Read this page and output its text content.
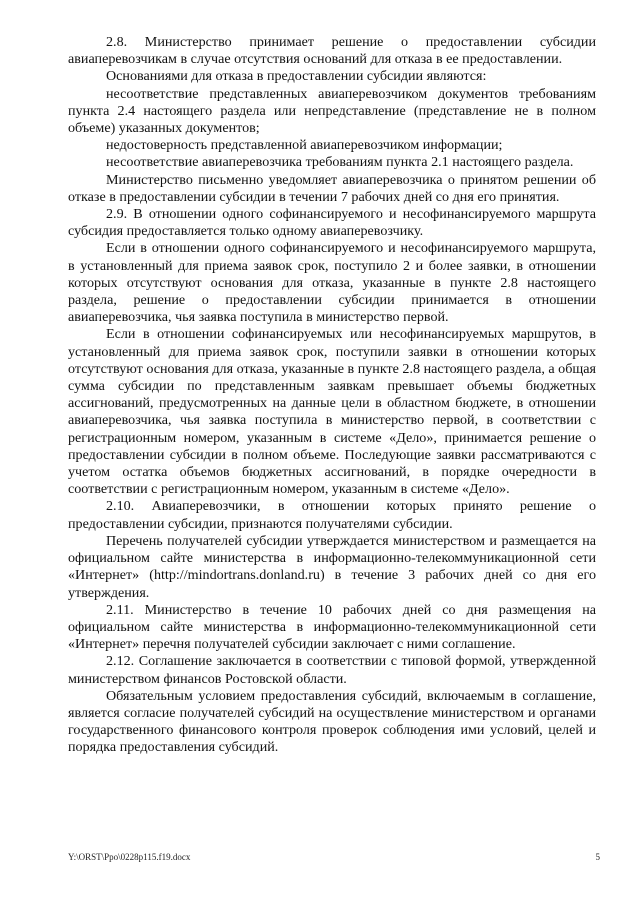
2.8. Министерство принимает решение о предоставлении субсидии авиаперевозчикам в случае отсутствия оснований для отказа в ее предоставлении.

Основаниями для отказа в предоставлении субсидии являются:

несоответствие представленных авиаперевозчиком документов требованиям пункта 2.4 настоящего раздела или непредставление (представление не в полном объеме) указанных документов;

недостоверность представленной авиаперевозчиком информации;

несоответствие авиаперевозчика требованиям пункта 2.1 настоящего раздела.

Министерство письменно уведомляет авиаперевозчика о принятом решении об отказе в предоставлении субсидии в течении 7 рабочих дней со дня его принятия.

2.9. В отношении одного софинансируемого и несофинансируемого маршрута субсидия предоставляется только одному авиаперевозчику.

Если в отношении одного софинансируемого и несофинансируемого маршрута, в установленный для приема заявок срок, поступило 2 и более заявки, в отношении которых отсутствуют основания для отказа, указанные в пункте 2.8 настоящего раздела, решение о предоставлении субсидии принимается в отношении авиаперевозчика, чья заявка поступила в министерство первой.

Если в отношении софинансируемых или несофинансируемых маршрутов, в установленный для приема заявок срок, поступили заявки в отношении которых отсутствуют основания для отказа, указанные в пункте 2.8 настоящего раздела, а общая сумма субсидии по представленным заявкам превышает объемы бюджетных ассигнований, предусмотренных на данные цели в областном бюджете, в отношении авиаперевозчика, чья заявка поступила в министерство первой, в соответствии с регистрационным номером, указанным в системе «Дело», принимается решение о предоставлении субсидии в полном объеме. Последующие заявки рассматриваются с учетом остатка объемов бюджетных ассигнований, в порядке очередности в соответствии с регистрационным номером, указанным в системе «Дело».

2.10. Авиаперевозчики, в отношении которых принято решение о предоставлении субсидии, признаются получателями субсидии.

Перечень получателей субсидии утверждается министерством и размещается на официальном сайте министерства в информационно-телекоммуникационной сети «Интернет» (http://mindortrans.donland.ru) в течение 3 рабочих дней со дня его утверждения.

2.11. Министерство в течение 10 рабочих дней со дня размещения на официальном сайте министерства в информационно-телекоммуникационной сети «Интернет» перечня получателей субсидии заключает с ними соглашение.

2.12. Соглашение заключается в соответствии с типовой формой, утвержденной министерством финансов Ростовской области.

Обязательным условием предоставления субсидий, включаемым в соглашение, является согласие получателей субсидий на осуществление министерством и органами государственного финансового контроля проверок соблюдения ими условий, целей и порядка предоставления субсидий.

Y:\ORST\Ppo\0228p115.f19.docx	5
